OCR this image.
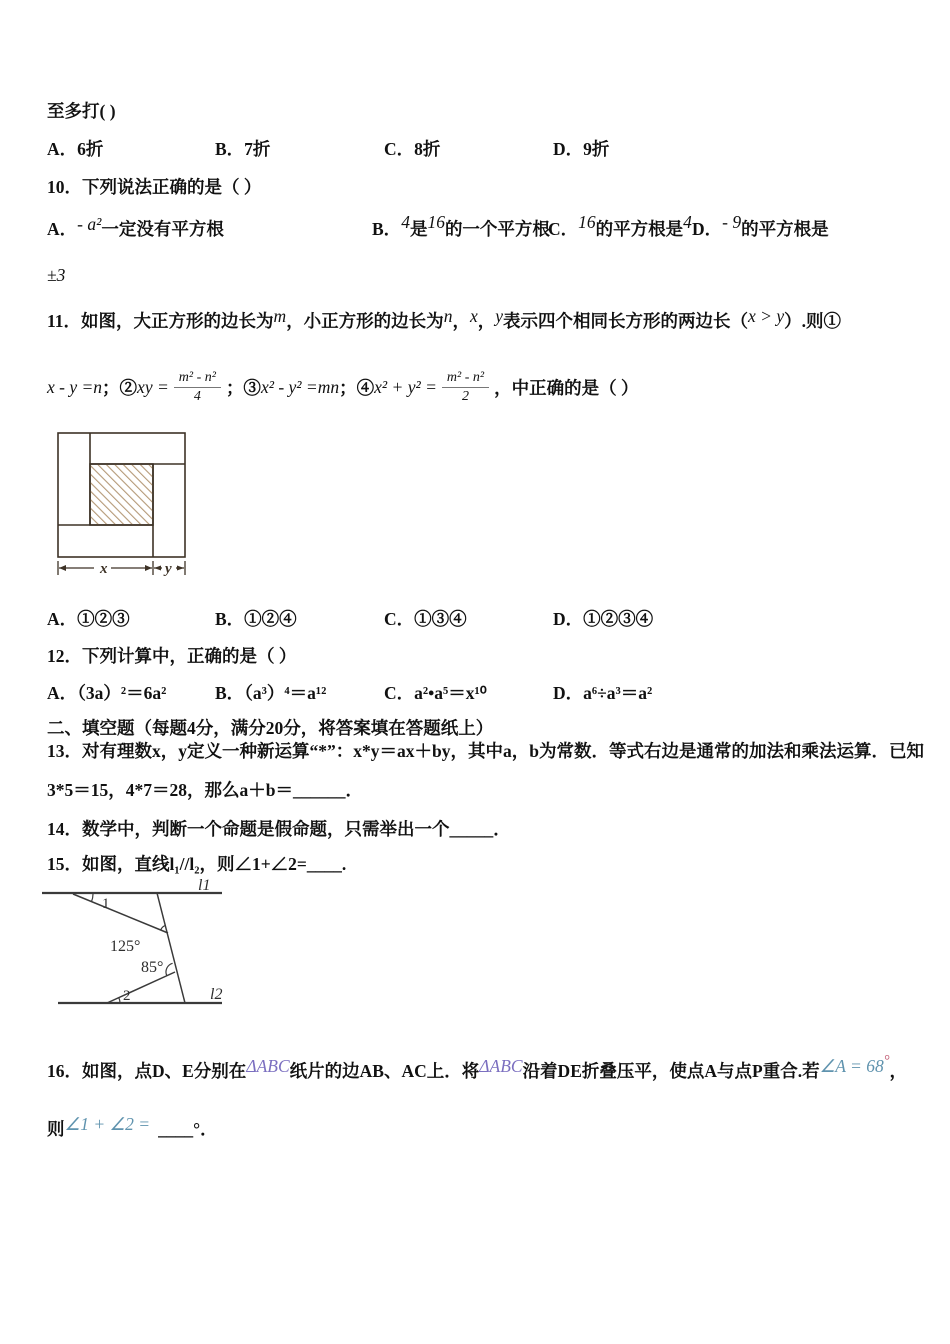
至多打( )
A．6折	B．7折	C．8折	D．9折
10．下列说法正确的是（ ）
A．- a²一定没有平方根	B．4是16的一个平方根
C．16的平方根是4 D．- 9的平方根是
±3
11．如图，大正方形的边长为m，小正方形的边长为n，x，y表示四个相同长方形的两边长（x > y）.则①
x - y =n ；② xy = $\frac{\text{m² - n²}}{4}$ ；③ x² - y² =mn ；④ $x^2 + y^2 = \frac{\text{m² - n²}}{2}$ ，中正确的是（ ）
x	y
A．①②③	B．①②④	C．①③④	D．①②③④
12．下列计算中，正确的是（ ）
A．（3a）²＝6a²	B．（a³）⁴＝a¹²	C．a²•a⁵＝x¹⁰	D．a⁶÷a³＝a²
二、填空题（每题4分，满分20分，将答案填在答题纸上）
13．对有理数x，y定义一种新运算“*”：x*y＝ax＋by，其中a，b为常数．等式右边是通常的加法和乘法运算．已知
3*5＝15，4*7＝28，那么a＋b＝______．
14．数学中，判断一个命题是假命题，只需举出一个_____．
15．如图，直线l₁//l₂，则∠1+∠2=____.
l1
l2
125°
85°
1
2
16．如图，点D、E分别在ΔABC纸片的边AB、AC上．将ΔABC沿着DE折叠压平，使点A与点P重合.若∠A = 68°，
则∠1 + ∠2 = ____°．
